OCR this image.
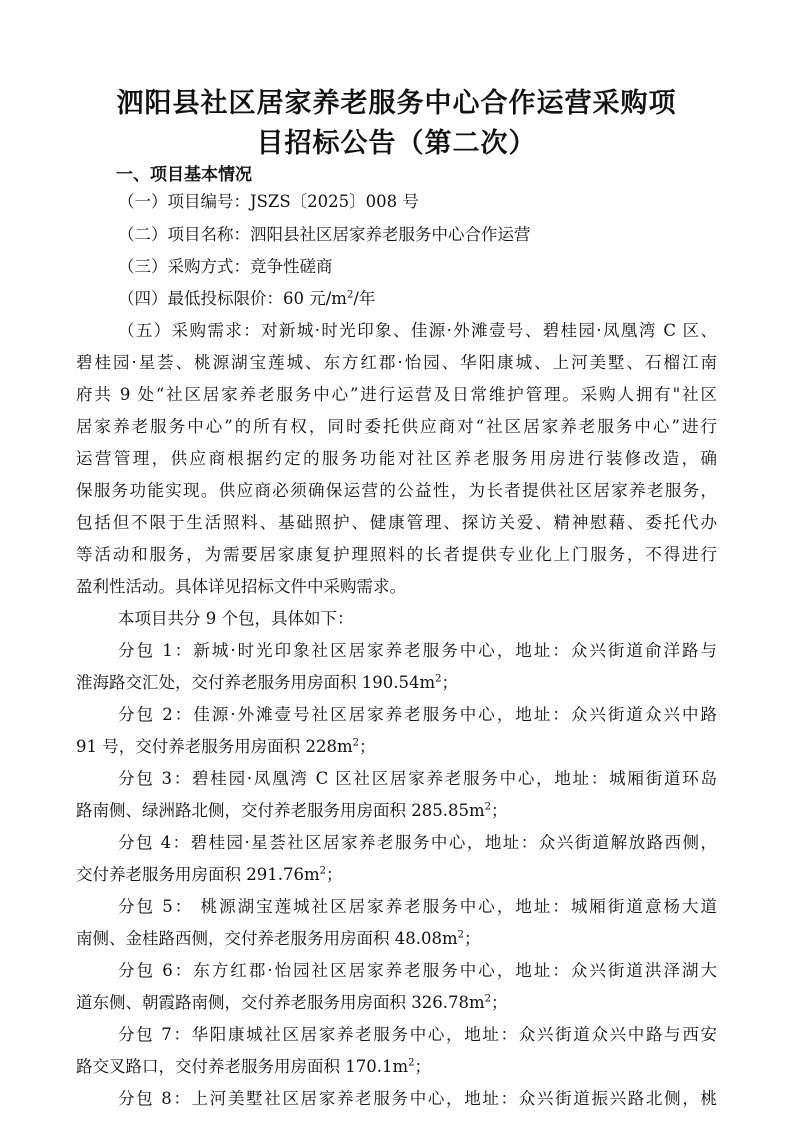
泗阳县社区居家养老服务中心合作运营采购项
目招标公告（第二次）
一、项目基本情况
（一）项目编号：JSZS〔2025〕008 号
（二）项目名称：泗阳县社区居家养老服务中心合作运营
（三）采购方式：竞争性磋商
（四）最低投标限价：60 元$/m^2/$年
（五）采购需求：对新城·时光印象、佳源·外滩壹号、碧桂园·凤凰湾 C 区、
碧桂园·星荟、桃源湖宝莲城、东方红郡·怡园、华阳康城、上河美墅、石榴江南
府共 9 处“社区居家养老服务中心”进行运营及日常维护管理。采购人拥有"社区
居家养老服务中心”的所有权，同时委托供应商对“社区居家养老服务中心”进行
运营管理，供应商根据约定的服务功能对社区养老服务用房进行装修改造，确
保服务功能实现。供应商必须确保运营的公益性，为长者提供社区居家养老服务，
包括但不限于生活照料、基础照护、健康管理、探访关爱、精神慰藉、委托代办
等活动和服务，为需要居家康复护理照料的长者提供专业化上门服务，不得进行
盈利性活动。具体详见招标文件中采购需求。
本项目共分 9 个包，具体如下：
分包 1：新城·时光印象社区居家养老服务中心，地址：众兴街道俞洋路与
淮海路交汇处，交付养老服务用房面积 $190.54m^2$；
分包 2：佳源·外滩壹号社区居家养老服务中心，地址：众兴街道众兴中路
91 号，交付养老服务用房面积 $228m^2$；
分包 3：碧桂园·凤凰湾 C 区社区居家养老服务中心，地址：城厢街道环岛
路南侧、绿洲路北侧，交付养老服务用房面积 $285.85m^2$；
分包 4：碧桂园·星荟社区居家养老服务中心，地址：众兴街道解放路西侧，
交付养老服务用房面积 $291.76m^2$；
分包 5： 桃源湖宝莲城社区居家养老服务中心，地址：城厢街道意杨大道
南侧、金桂路西侧，交付养老服务用房面积 $48.08m^2$；
分包 6：东方红郡·怡园社区居家养老服务中心，地址：众兴街道洪泽湖大
道东侧、朝霞路南侧，交付养老服务用房面积 $326.78m^2$；
分包 7：华阳康城社区居家养老服务中心，地址：众兴街道众兴中路与西安
路交叉路口，交付养老服务用房面积 $170.1m^2$；
分包 8：上河美墅社区居家养老服务中心，地址：众兴街道振兴路北侧，桃
